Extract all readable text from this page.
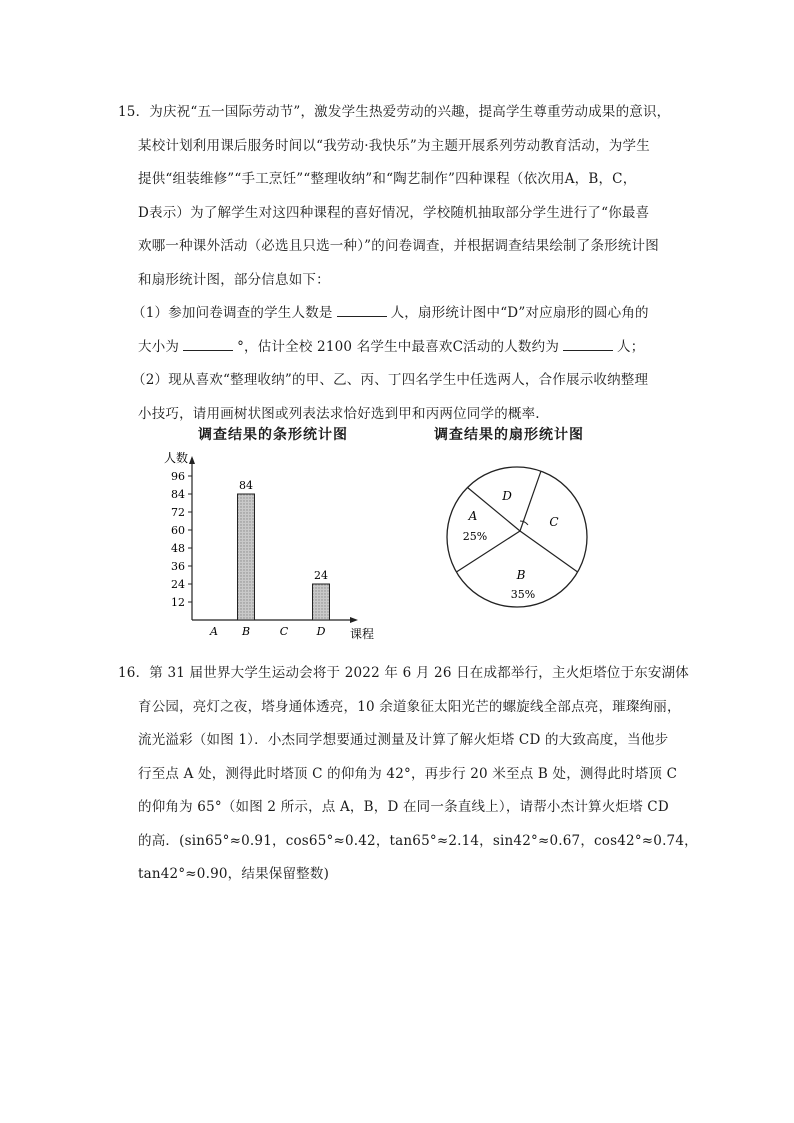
15．为庆祝“五一国际劳动节”，激发学生热爱劳动的兴趣，提高学生尊重劳动成果的意识，
某校计划利用课后服务时间以“我劳动·我快乐”为主题开展系列劳动教育活动，为学生
提供“组装维修”“手工烹饪”“整理收纳”和“陶艺制作”四种课程（依次用A，B，C，
D表示）为了解学生对这四种课程的喜好情况，学校随机抽取部分学生进行了“你最喜
欢哪一种课外活动（必选且只选一种）”的问卷调查，并根据调查结果绘制了条形统计图
和扇形统计图，部分信息如下：
（1）参加问卷调查的学生人数是	人，扇形统计图中“D”对应扇形的圆心角的
大小为	°，估计全校 2100 名学生中最喜欢C活动的人数约为	人；
（2）现从喜欢“整理收纳”的甲、乙、丙、丁四名学生中任选两人，合作展示收纳整理
小技巧，请用画树状图或列表法求恰好选到甲和丙两位同学的概率.
调查结果的条形统计图
人数
课程
12
24
36
48
60
72
84
96
A B
84
C	D
24
调查结果的扇形统计图
A
25%
B
35%
C
D
16．第 31 届世界大学生运动会将于 2022 年 6 月 26 日在成都举行，主火炬塔位于东安湖体
育公园，亮灯之夜，塔身通体透亮，10 余道象征太阳光芒的螺旋线全部点亮，璀璨绚丽，
流光溢彩（如图 1）．小杰同学想要通过测量及计算了解火炬塔 CD 的大致高度，当他步
行至点 A 处，测得此时塔顶 C 的仰角为 42°，再步行 20 米至点 B 处，测得此时塔顶 C
的仰角为 65°（如图 2 所示，点 A，B，D 在同一条直线上），请帮小杰计算火炬塔 CD
的高．(sin65°≈0.91，cos65°≈0.42，tan65°≈2.14，sin42°≈0.67，cos42°≈0.74，
tan42°≈0.90，结果保留整数)
